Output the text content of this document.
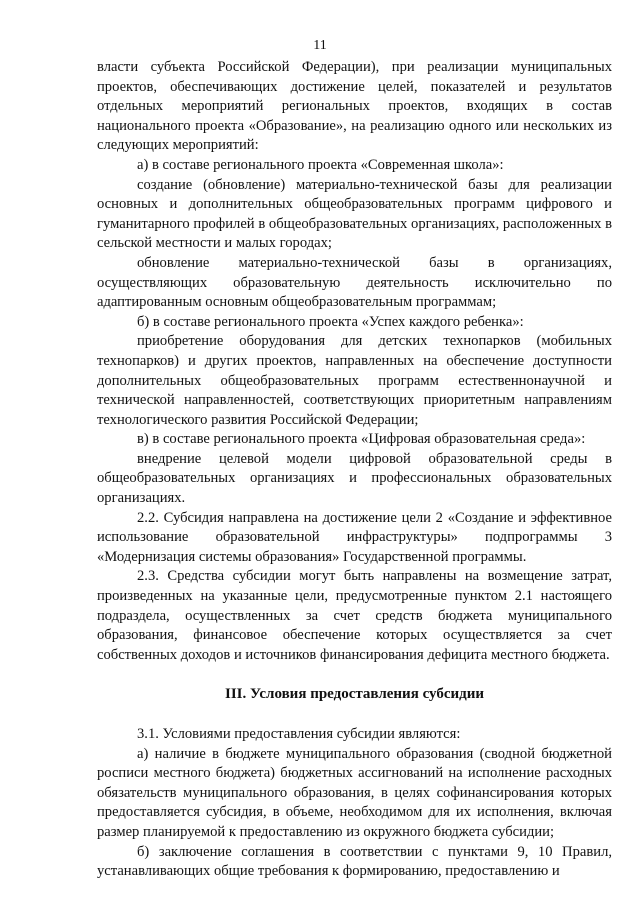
11

власти субъекта Российской Федерации), при реализации муниципальных проектов, обеспечивающих достижение целей, показателей и результатов отдельных мероприятий региональных проектов, входящих в состав национального проекта «Образование», на реализацию одного или нескольких из следующих мероприятий:

а) в составе регионального проекта «Современная школа»:

создание (обновление) материально-технической базы для реализации основных и дополнительных общеобразовательных программ цифрового и гуманитарного профилей в общеобразовательных организациях, расположенных в сельской местности и малых городах;

обновление материально-технической базы в организациях, осуществляющих образовательную деятельность исключительно по адаптированным основным общеобразовательным программам;

б) в составе регионального проекта «Успех каждого ребенка»:

приобретение оборудования для детских технопарков (мобильных технопарков) и других проектов, направленных на обеспечение доступности дополнительных общеобразовательных программ естественнонаучной и технической направленностей, соответствующих приоритетным направлениям технологического развития Российской Федерации;

в) в составе регионального проекта «Цифровая образовательная среда»:

внедрение целевой модели цифровой образовательной среды в общеобразовательных организациях и профессиональных образовательных организациях.

2.2. Субсидия направлена на достижение цели 2 «Создание и эффективное использование образовательной инфраструктуры» подпрограммы 3 «Модернизация системы образования» Государственной программы.

2.3. Средства субсидии могут быть направлены на возмещение затрат, произведенных на указанные цели, предусмотренные пунктом 2.1 настоящего подраздела, осуществленных за счет средств бюджета муниципального образования, финансовое обеспечение которых осуществляется за счет собственных доходов и источников финансирования дефицита местного бюджета.

III. Условия предоставления субсидии

3.1. Условиями предоставления субсидии являются:

а) наличие в бюджете муниципального образования (сводной бюджетной росписи местного бюджета) бюджетных ассигнований на исполнение расходных обязательств муниципального образования, в целях софинансирования которых предоставляется субсидия, в объеме, необходимом для их исполнения, включая размер планируемой к предоставлению из окружного бюджета субсидии;

б) заключение соглашения в соответствии с пунктами 9, 10 Правил, устанавливающих общие требования к формированию, предоставлению и
